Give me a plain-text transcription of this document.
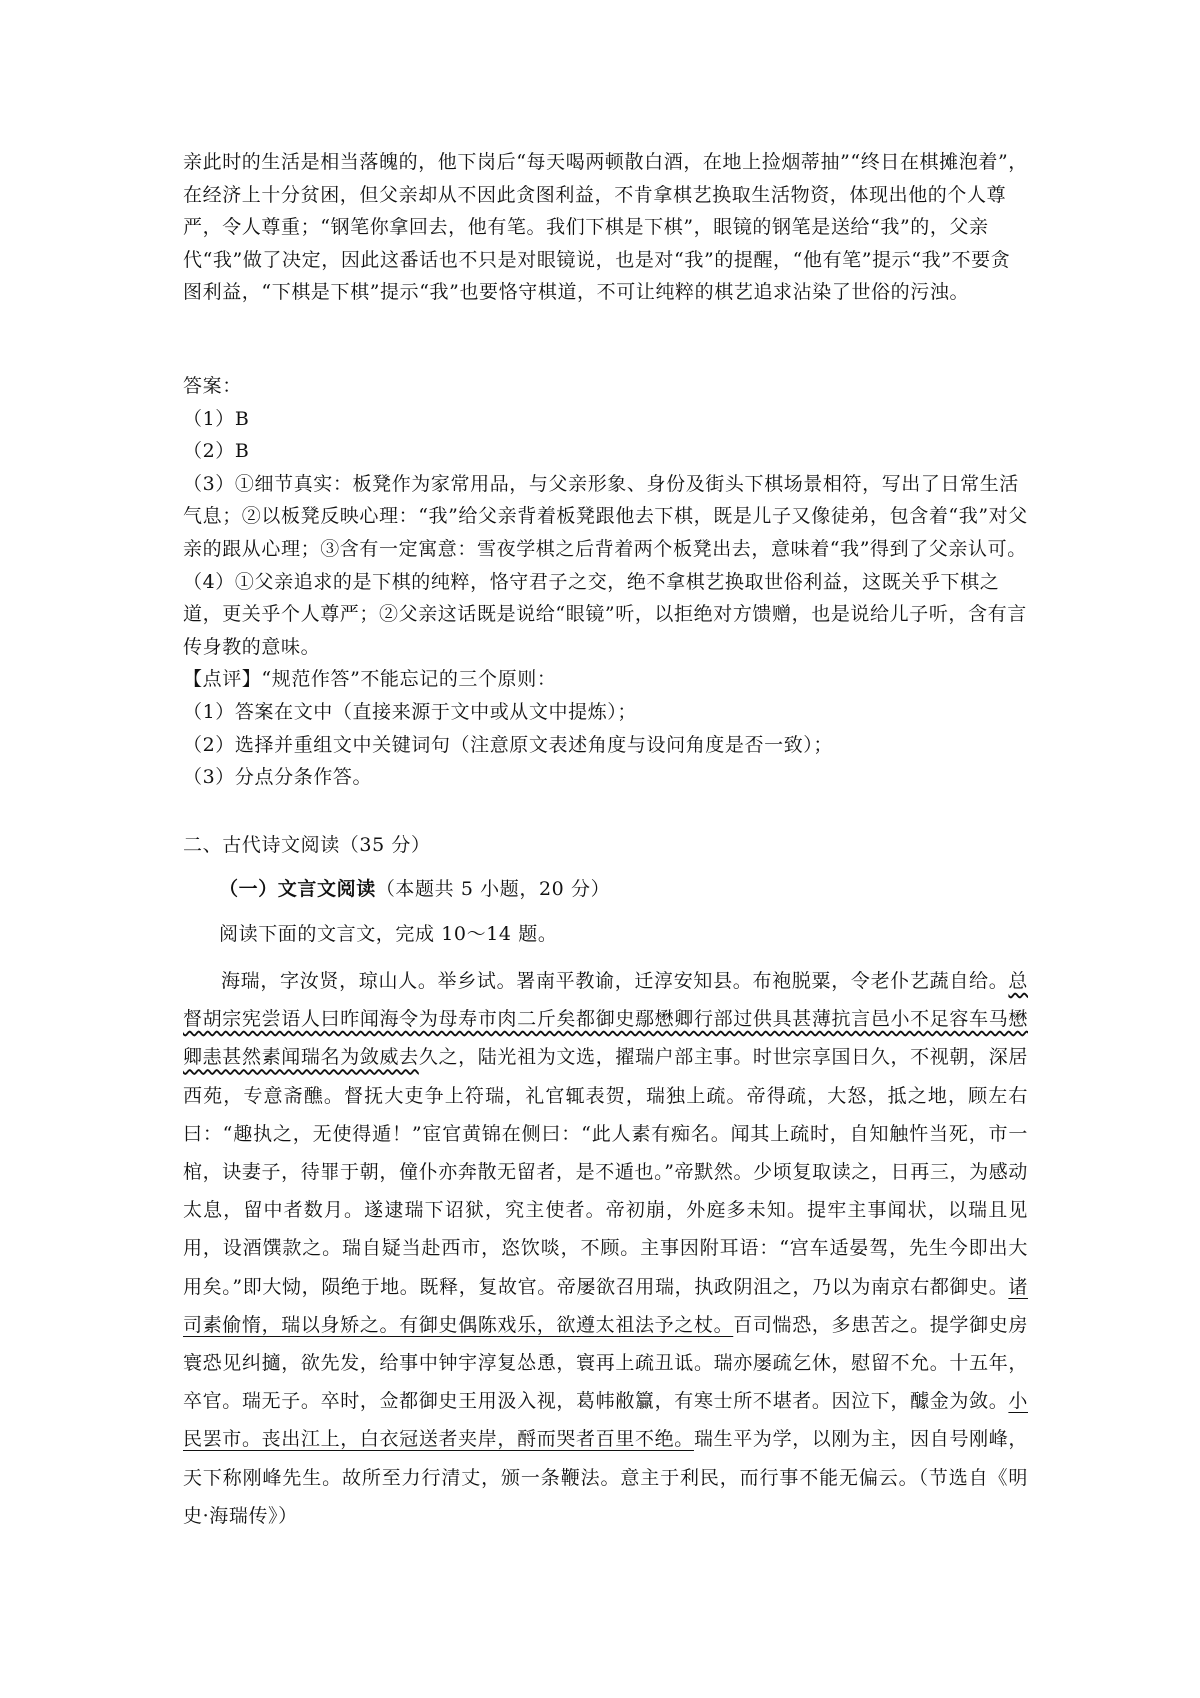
亲此时的生活是相当落魄的，他下岗后“每天喝两顿散白酒，在地上捡烟蒂抽”“终日在棋摊泡着”，在经济上十分贫困，但父亲却从不因此贪图利益，不肯拿棋艺换取生活物资，体现出他的个人尊严，令人尊重；“钢笔你拿回去，他有笔。我们下棋是下棋”，眼镜的钢笔是送给“我”的，父亲代“我”做了决定，因此这番话也不只是对眼镜说，也是对“我”的提醒，“他有笔”提示“我”不要贪图利益，“下棋是下棋”提示“我”也要恪守棋道，不可让纯粹的棋艺追求沾染了世俗的污浊。

答案：

（1）B

（2）B

（3）①细节真实：板凳作为家常用品，与父亲形象、身份及街头下棋场景相符，写出了日常生活气息；②以板凳反映心理：“我”给父亲背着板凳跟他去下棋，既是儿子又像徒弟，包含着“我”对父亲的跟从心理；③含有一定寓意：雪夜学棋之后背着两个板凳出去，意味着“我”得到了父亲认可。

（4）①父亲追求的是下棋的纯粹，恪守君子之交，绝不拿棋艺换取世俗利益，这既关乎下棋之道，更关乎个人尊严；②父亲这话既是说给“眼镜”听，以拒绝对方馈赠，也是说给儿子听，含有言传身教的意味。

【点评】“规范作答”不能忘记的三个原则：

（1）答案在文中（直接来源于文中或从文中提炼）；

（2）选择并重组文中关键词句（注意原文表述角度与设问角度是否一致）；

（3）分点分条作答。

二、古代诗文阅读（35 分）

（一）文言文阅读（本题共 5 小题，20 分）
阅读下面的文言文，完成 10～14 题。
海瑞，字汝贤，琼山人。举乡试。署南平教谕，迁淳安知县。布袍脱粟，令老仆艺蔬自给。总督胡宗宪尝语人曰昨闻海令为母寿市肉二斤矣都御史鄢懋卿行部过供具甚薄抗言邑小不足容车马懋卿恚甚然素闻瑞名为敛威去久之，陆光祖为文选，擢瑞户部主事。时世宗享国日久，不视朝，深居西苑，专意斋醮。督抚大吏争上符瑞，礼官辄表贺，瑞独上疏。帝得疏，大怒，抵之地，顾左右曰：“趣执之，无使得遁！”宦官黄锦在侧曰：“此人素有痴名。闻其上疏时，自知触忤当死，市一棺，诀妻子，待罪于朝，僮仆亦奔散无留者，是不遁也。”帝默然。少顷复取读之，日再三，为感动太息，留中者数月。遂逮瑞下诏狱，究主使者。帝初崩，外庭多未知。提牢主事闻状，以瑞且见用，设酒馔款之。瑞自疑当赴西市，恣饮啖，不顾。主事因附耳语：“宫车适晏驾，先生今即出大用矣。”即大恸，陨绝于地。既释，复故官。帝屡欲召用瑞，执政阴沮之，乃以为南京右都御史。诸司素偷惰，瑞以身矫之。有御史偶陈戏乐，欲遵太祖法予之杖。百司惴恐，多患苦之。提学御史房寰恐见纠擿，欲先发，给事中钟宇淳复怂恿，寰再上疏丑诋。瑞亦屡疏乞休，慰留不允。十五年，卒官。瑞无子。卒时，佥都御史王用汲入视，葛帏敝籯，有寒士所不堪者。因泣下，醵金为敛。小民罢市。丧出江上，白衣冠送者夹岸，酹而哭者百里不绝。瑞生平为学，以刚为主，因自号刚峰，天下称刚峰先生。故所至力行清丈，颁一条鞭法。意主于利民，而行事不能无偏云。（节选自《明史·海瑞传》）
